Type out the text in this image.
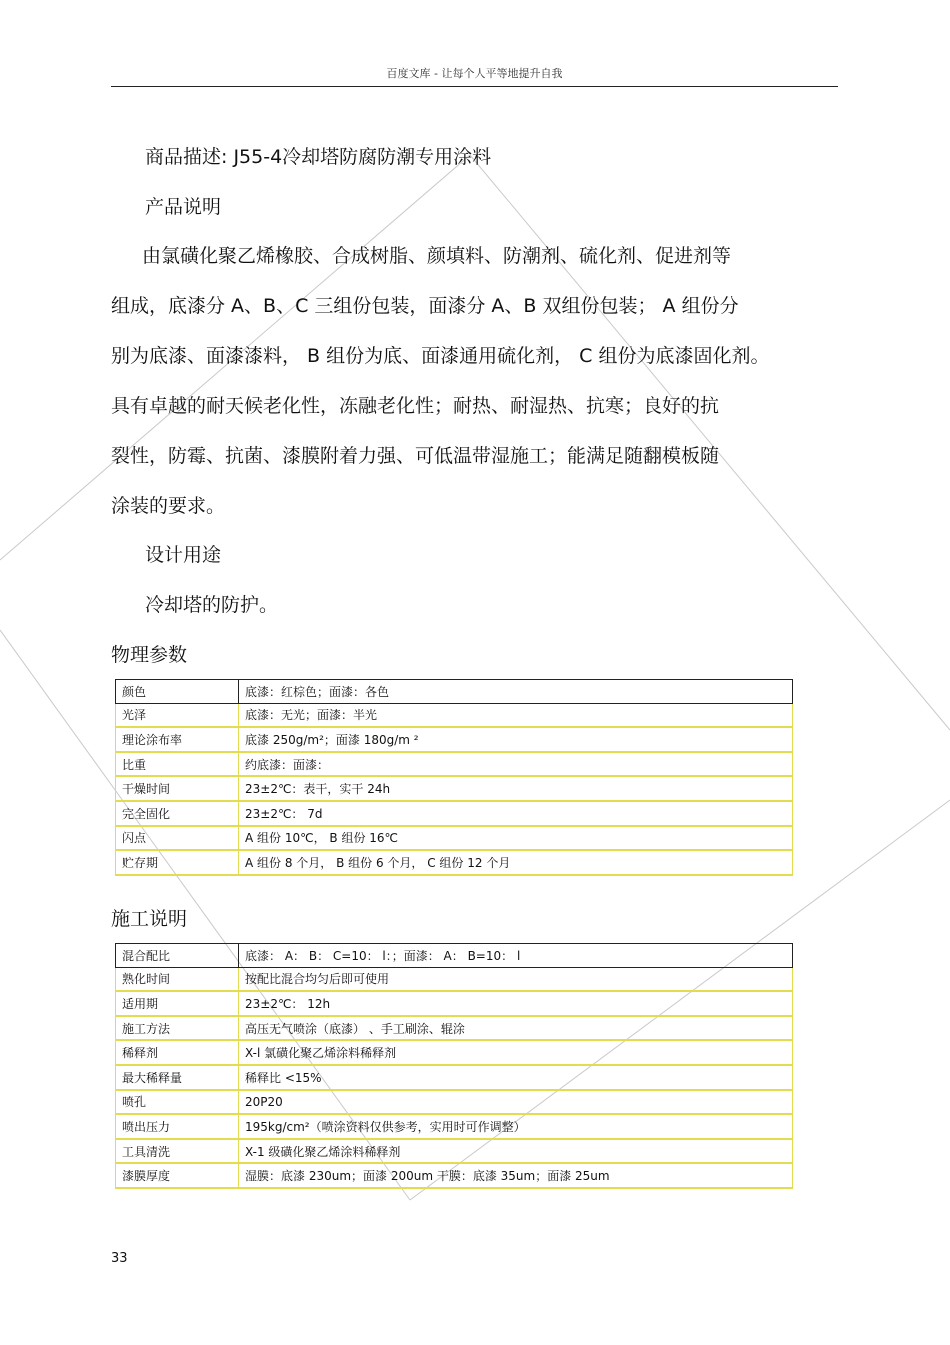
百度文库 - 让每个人平等地提升自我
商品描述: J55-4冷却塔防腐防潮专用涂料
产品说明
由氯磺化聚乙烯橡胶、合成树脂、颜填料、防潮剂、硫化剂、促进剂等
组成，底漆分 A、B、C 三组份包装，面漆分 A、B 双组份包装； A 组份分
别为底漆、面漆漆料， B 组份为底、面漆通用硫化剂， C 组份为底漆固化剂。
具有卓越的耐天候老化性，冻融老化性；耐热、耐湿热、抗寒；良好的抗
裂性，防霉、抗菌、漆膜附着力强、可低温带湿施工；能满足随翻模板随
涂装的要求。
设计用途
冷却塔的防护。
物理参数
颜色	底漆：红棕色；面漆：各色
光泽	底漆：无光；面漆：半光
理论涂布率	底漆 250g/m²；面漆 180g/m ²
比重	约底漆：面漆：
干燥时间	23±2℃：表干，实干 24h
完全固化	23±2℃： 7d
闪点	A 组份 10℃， B 组份 16℃
贮存期	A 组份 8 个月， B 组份 6 个月， C 组份 12 个月
施工说明
混合配比	底漆： A： B： C=10： l：；面漆： A： B=10： l
熟化时间	按配比混合均匀后即可使用
适用期	23±2℃： 12h
施工方法	高压无气喷涂（底漆） 、手工刷涂、辊涂
稀释剂	X-l 氯磺化聚乙烯涂料稀释剂
最大稀释量	稀释比 <15%
喷孔	20P20
喷出压力	195kg/cm²（喷涂资料仅供参考，实用时可作调整）
工具清洗	X-1 级磺化聚乙烯涂料稀释剂
漆膜厚度	湿膜：底漆 230um；面漆 200um 干膜：底漆 35um；面漆 25um
33
